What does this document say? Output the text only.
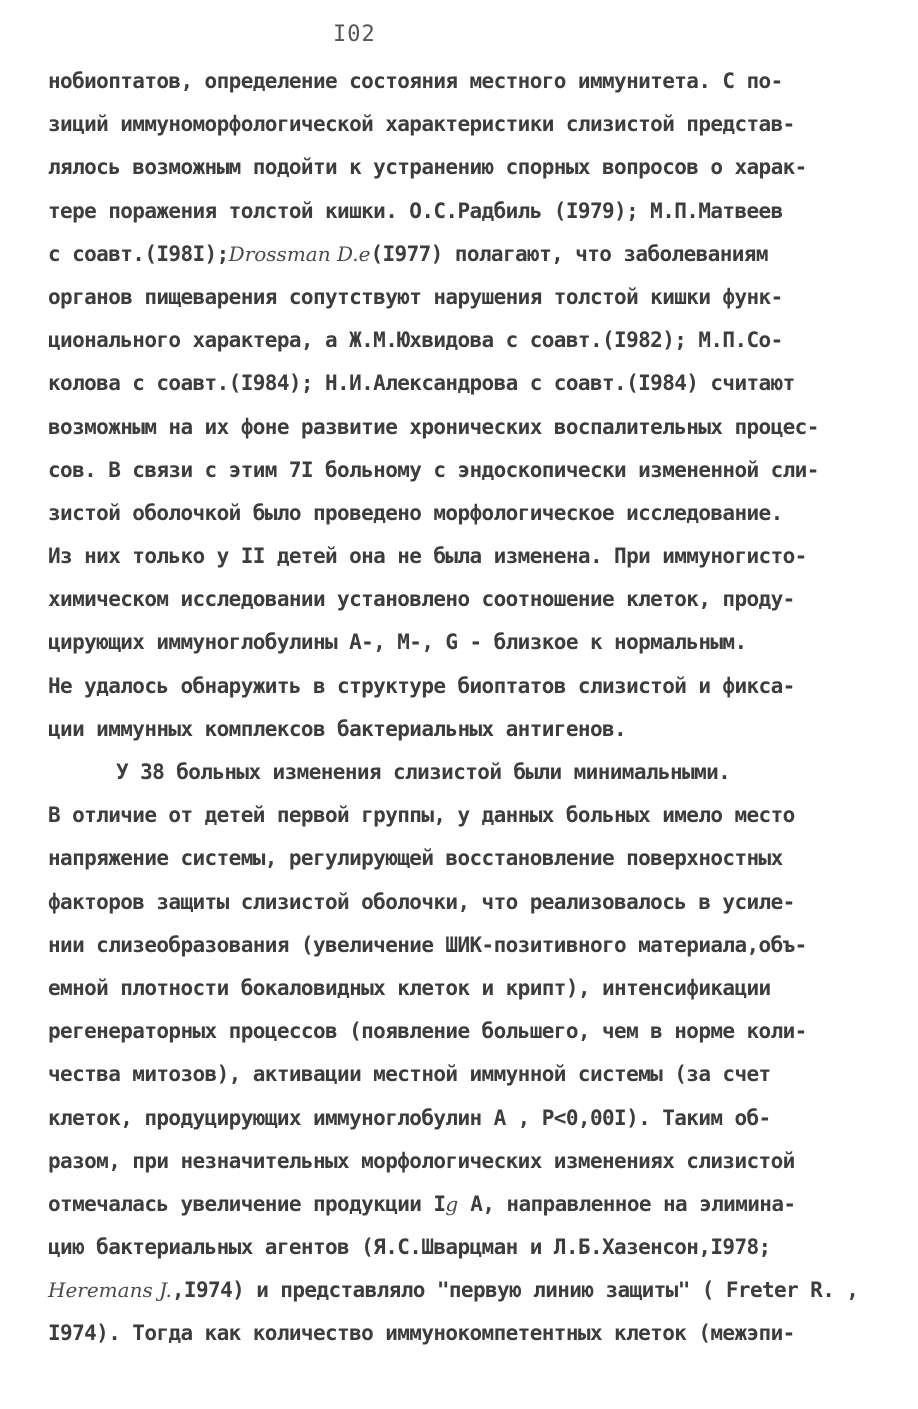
I02
нобиоптатов, определение состояния местного иммунитета. С по-
зиций иммуноморфологической характеристики слизистой представ-
лялось возможным подойти к устранению спорных вопросов о харак-
тере поражения толстой кишки. О.С.Радбиль (I979); М.П.Матвеев
с соавт.(I98I);Drossman D.e(I977) полагают, что заболеваниям
органов пищеварения сопутствуют нарушения толстой кишки функ-
ционального характера, а Ж.М.Юхвидова с соавт.(I982); М.П.Со-
колова с соавт.(I984); Н.И.Александрова с соавт.(I984) считают
возможным на их фоне развитие хронических воспалительных процес-
сов. В связи с этим 7I больному с эндоскопически измененной сли-
зистой оболочкой было проведено морфологическое исследование.
Из них только у II детей она не была изменена. При иммуногисто-
химическом исследовании установлено соотношение клеток, проду-
цирующих иммуноглобулины А-, М-, G - близкое к нормальным.
Не удалось обнаружить в структуре биоптатов слизистой и фикса-
ции иммунных комплексов бактериальных антигенов.
У 38 больных изменения слизистой были минимальными.
В отличие от детей первой группы, у данных больных имело место
напряжение системы, регулирующей восстановление поверхностных
факторов защиты слизистой оболочки, что реализовалось в усиле-
нии слизеобразования (увеличение ШИК-позитивного материала,объ-
емной плотности бокаловидных клеток и крипт), интенсификации
регенераторных процессов (появление большего, чем в норме коли-
чества митозов), активации местной иммунной системы (за счет
клеток, продуцирующих иммуноглобулин А , Р<0,00I). Таким об-
разом, при незначительных морфологических изменениях слизистой
отмечалась увеличение продукции Ig А, направленное на элимина-
цию бактериальных агентов (Я.С.Шварцман и Л.Б.Хазенсон,I978;
Heremans J.,I974) и представляло "первую линию защиты" ( Freter R. ,
I974). Тогда как количество иммунокомпетентных клеток (межэпи-
